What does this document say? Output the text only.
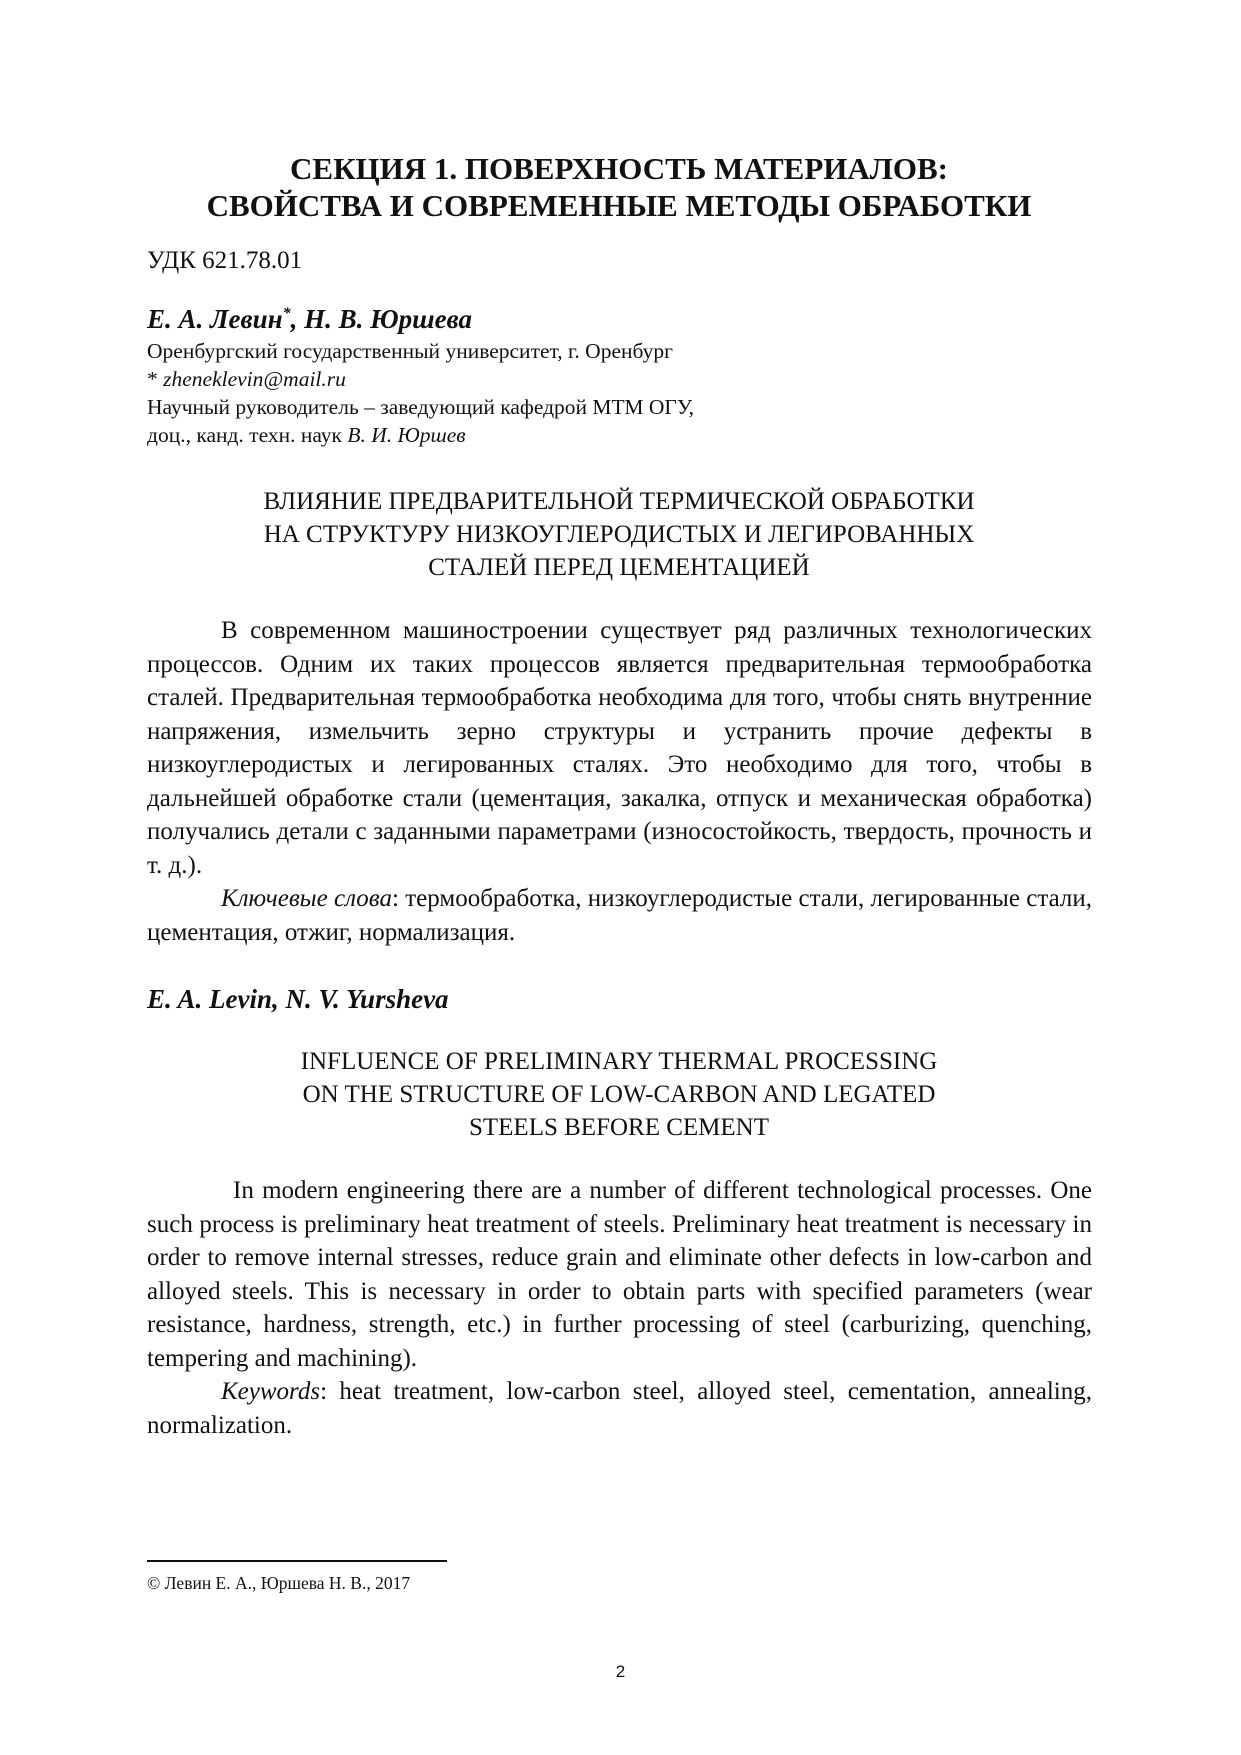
СЕКЦИЯ 1. ПОВЕРХНОСТЬ МАТЕРИАЛОВ:
СВОЙСТВА И СОВРЕМЕННЫЕ МЕТОДЫ ОБРАБОТКИ
УДК 621.78.01
Е. А. Левин*, Н. В. Юршева
Оренбургский государственный университет, г. Оренбург
* zheneklevin@mail.ru
Научный руководитель – заведующий кафедрой МТМ ОГУ,
доц., канд. техн. наук В. И. Юршев
ВЛИЯНИЕ ПРЕДВАРИТЕЛЬНОЙ ТЕРМИЧЕСКОЙ ОБРАБОТКИ
НА СТРУКТУРУ НИЗКОУГЛЕРОДИСТЫХ И ЛЕГИРОВАННЫХ
СТАЛЕЙ ПЕРЕД ЦЕМЕНТАЦИЕЙ

В современном машиностроении существует ряд различных технологических процессов. Одним их таких процессов является предварительная термообработка сталей. Предварительная термообработка необходима для того, чтобы снять внутренние напряжения, измельчить зерно структуры и устранить прочие дефекты в низкоуглеродистых и легированных сталях. Это необходимо для того, чтобы в дальнейшей обработке стали (цементация, закалка, отпуск и механическая обработка) получались детали с заданными параметрами (износостойкость, твердость, прочность и т. д.).

Ключевые слова: термообработка, низкоуглеродистые стали, легированные стали, цементация, отжиг, нормализация.

E. A. Levin, N. V. Yursheva
INFLUENCE OF PRELIMINARY THERMAL PROCESSING
ON THE STRUCTURE OF LOW-CARBON AND LEGATED
STEELS BEFORE CEMENT

In modern engineering there are a number of different technological processes. One such process is preliminary heat treatment of steels. Preliminary heat treatment is necessary in order to remove internal stresses, reduce grain and eliminate other defects in low-carbon and alloyed steels. This is necessary in order to obtain parts with specified parameters (wear resistance, hardness, strength, etc.) in further processing of steel (carburizing, quenching, tempering and machining).

Keywords: heat treatment, low-carbon steel, alloyed steel, cementation, annealing, normalization.

© Левин Е. А., Юршева Н. В., 2017
2
